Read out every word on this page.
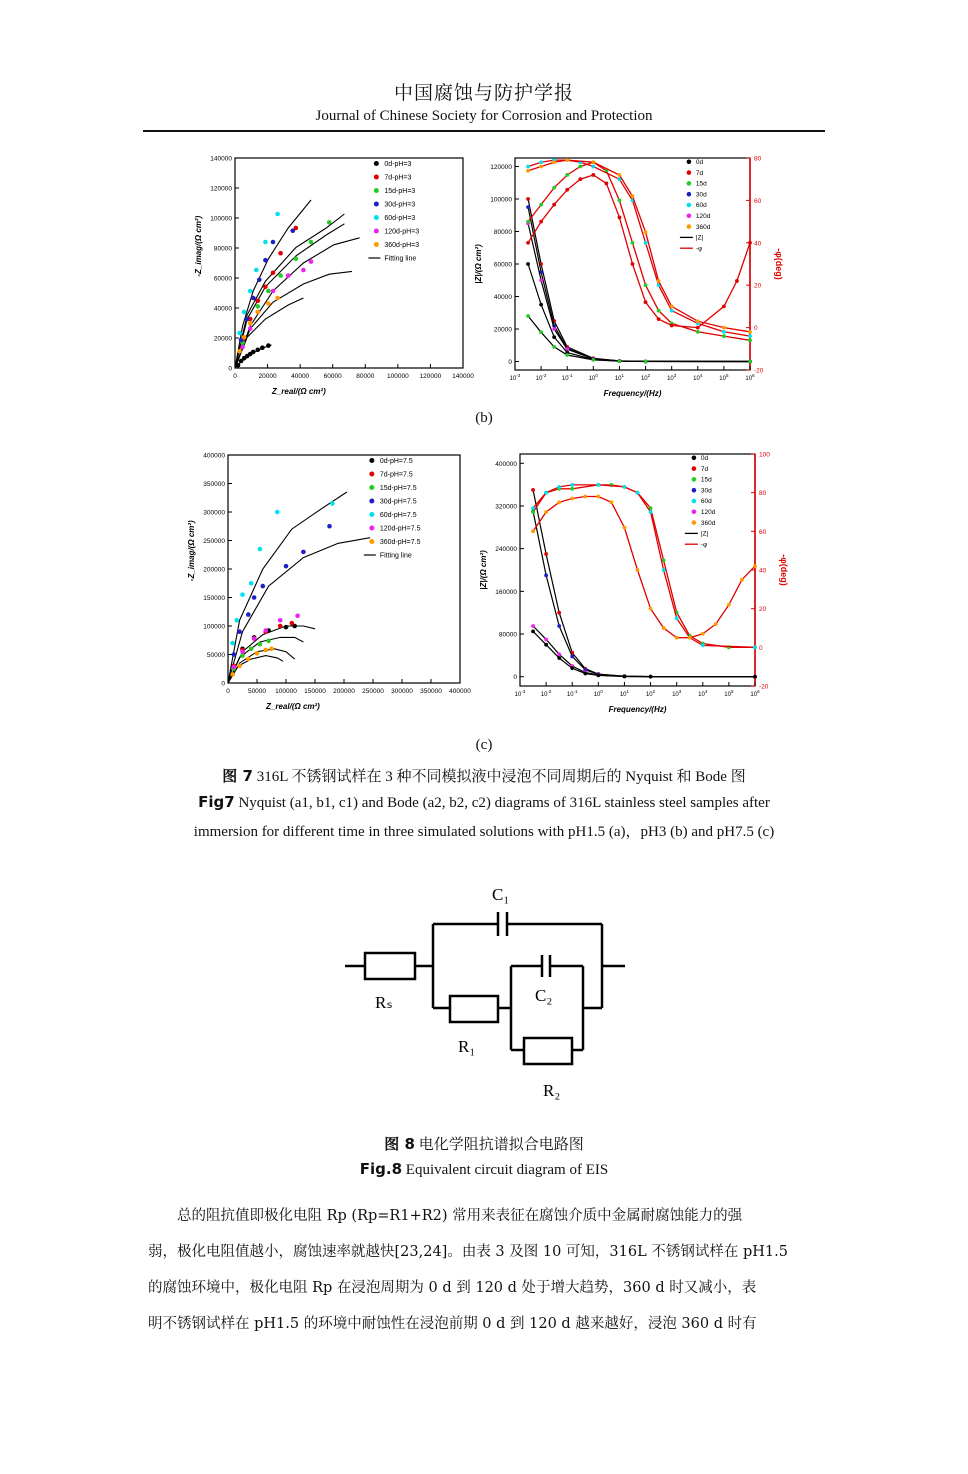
中国腐蚀与防护学报
Journal of Chinese Society for Corrosion and Protection
0	20000 40000 60000 80000 100000 120000 140000
0
20000
40000
60000
80000
100000
120000
140000
Z_real/(Ω cm²)
-Z_imag/(Ω cm²)
0d-pH=3
7d-pH=3
15d-pH=3
30d-pH=3
60d-pH=3
120d-pH=3
360d-pH=3
Fitting line
$10^{-3}$
$10^{-2}$
$10^{-1}$
$10^0$
$10^1$
$10^2$
$10^3$
$10^4$
$10^5$
$10^6$
0
20000
40000
60000
80000
100000
120000
-20
0
20
40
60
80
Frequency/(Hz)
|Z|/(Ω cm²)	-φ(deg)
0d
7d
15d
30d
60d
120d
360d
|Z|
-φ
(b)
0	50000 100000 150000 200000 250000 300000 350000 400000
0
50000
100000
150000
200000
250000
300000
350000
400000
Z_real/(Ω cm²)
-Z_imag/(Ω cm²)
0d-pH=7.5
7d-pH=7.5
15d-pH=7.5
30d-pH=7.5
60d-pH=7.5
120d-pH=7.5
360d-pH=7.5
Fitting line
$10^{-3}$
$10^{-2}$
$10^{-1}$
$10^0$
$10^1$
$10^2$
$10^3$
$10^4$
$10^5$
$10^6$
0
80000
160000
240000
320000
400000
-20
0
20
40
60
80
100
Frequency/(Hz)
|Z|/(Ω cm²)	-φ(deg)
0d
7d
15d
30d
60d
120d
360d
|Z|
-φ
(c)
图 7 316L 不锈钢试样在 3 种不同模拟液中浸泡不同周期后的 Nyquist 和 Bode 图
Fig7 Nyquist (a1, b1, c1) and Bode (a2, b2, c2) diagrams of 316L stainless steel samples after
immersion for different time in three simulated solutions with pH1.5 (a)，pH3 (b) and pH7.5 (c)
C₁
C₂
Rₛ
R₁
R₂
图 8 电化学阻抗谱拟合电路图
Fig.8 Equivalent circuit diagram of EIS

总的阻抗值即极化电阻 Rp (Rp=R1+R2) 常用来表征在腐蚀介质中金属耐腐蚀能力的强

弱，极化电阻值越小，腐蚀速率就越快[23,24]。由表 3 及图 10 可知，316L 不锈钢试样在 pH1.5

的腐蚀环境中，极化电阻 Rp 在浸泡周期为 0 d 到 120 d 处于增大趋势，360 d 时又减小，表

明不锈钢试样在 pH1.5 的环境中耐蚀性在浸泡前期 0 d 到 120 d 越来越好，浸泡 360 d 时有
